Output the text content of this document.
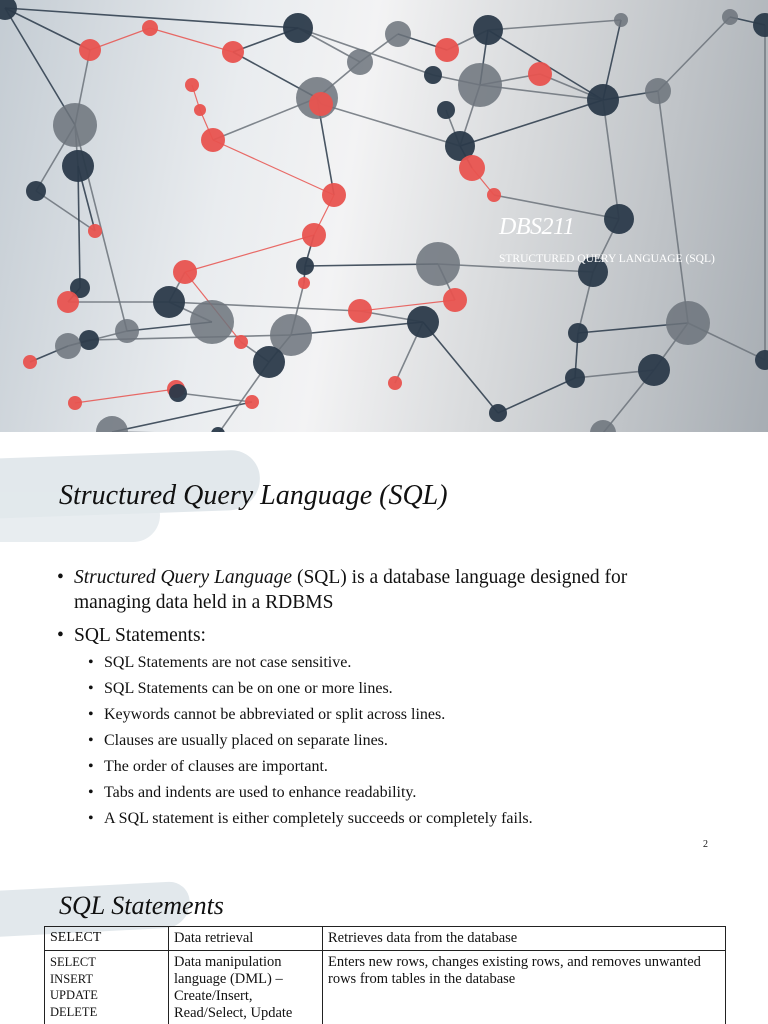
DBS211
STRUCTURED QUERY LANGUAGE (SQL)
Structured Query Language (SQL)
• Structured Query Language (SQL) is a database language designed for
managing data held in a RDBMS
• SQL Statements:
• SQL Statements are not case sensitive.
• SQL Statements can be on one or more lines.
• Keywords cannot be abbreviated or split across lines.
• Clauses are usually placed on separate lines.
• The order of clauses are important.
• Tabs and indents are used to enhance readability.
• A SQL statement is either completely succeeds or completely fails.
2
SQL Statements
SELECT	Data retrieval	Retrieves data from the database

SELECT
INSERT
UPDATE
DELETE	Data manipulation language (DML) – Create/Insert, Read/Select, Update	Enters new rows, changes existing rows, and removes unwanted rows from tables in the database
